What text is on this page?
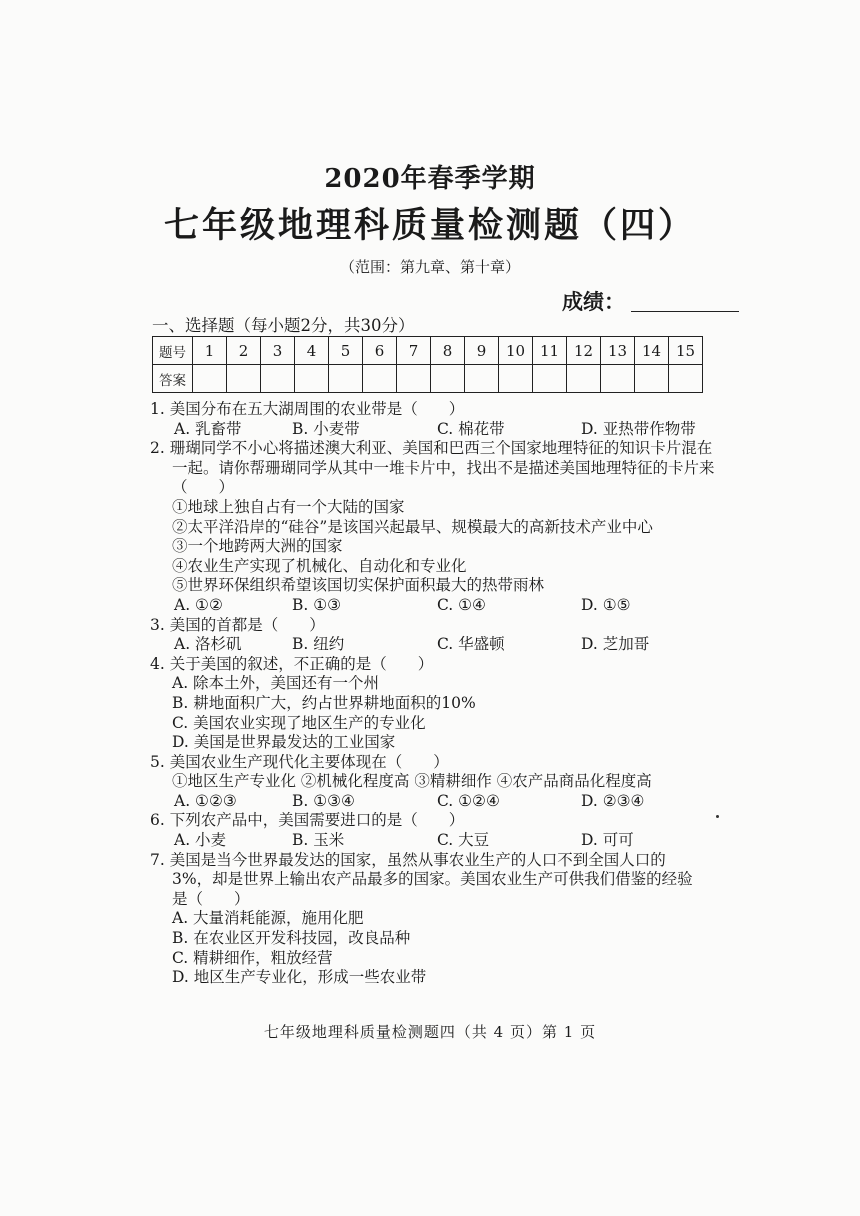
2020年春季学期
七年级地理科质量检测题（四）
（范围：第九章、第十章）
成绩：
一、选择题（每小题2分，共30分）
题号	1	2	3	4	5	6	7	8	9	10	11	12	13	14	15
答案															
1. 美国分布在五大湖周围的农业带是（　　）
A. 乳畜带	B. 小麦带	C. 棉花带	D. 亚热带作物带
2. 珊瑚同学不小心将描述澳大利亚、美国和巴西三个国家地理特征的知识卡片混在
一起。请你帮珊瑚同学从其中一堆卡片中，找出不是描述美国地理特征的卡片来
（　　）
①地球上独自占有一个大陆的国家
②太平洋沿岸的“硅谷”是该国兴起最早、规模最大的高新技术产业中心
③一个地跨两大洲的国家
④农业生产实现了机械化、自动化和专业化
⑤世界环保组织希望该国切实保护面积最大的热带雨林
A. ①②	B. ①③	C. ①④	D. ①⑤
3. 美国的首都是（　　）
A. 洛杉矶	B. 纽约	C. 华盛顿	D. 芝加哥
4. 关于美国的叙述，不正确的是（　　）
A. 除本土外，美国还有一个州
B. 耕地面积广大，约占世界耕地面积的10%
C. 美国农业实现了地区生产的专业化
D. 美国是世界最发达的工业国家
5. 美国农业生产现代化主要体现在（　　）
①地区生产专业化 ②机械化程度高 ③精耕细作 ④农产品商品化程度高
A. ①②③	B. ①③④	C. ①②④	D. ②③④
6. 下列农产品中，美国需要进口的是（　　）
A. 小麦	B. 玉米	C. 大豆	D. 可可
7. 美国是当今世界最发达的国家，虽然从事农业生产的人口不到全国人口的
3%，却是世界上输出农产品最多的国家。美国农业生产可供我们借鉴的经验
是（　　）
A. 大量消耗能源，施用化肥
B. 在农业区开发科技园，改良品种
C. 精耕细作，粗放经营
D. 地区生产专业化，形成一些农业带
七年级地理科质量检测题四（共 4 页）第 1 页
